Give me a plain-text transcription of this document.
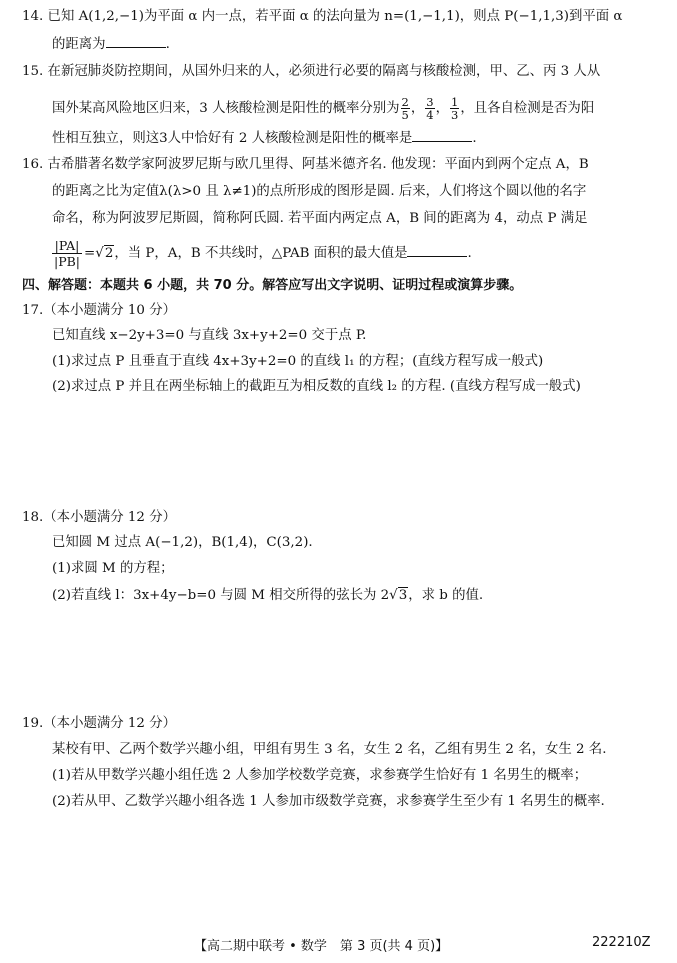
14. 已知 A(1,2,−1)为平面 α 内一点，若平面 α 的法向量为 n=(1,−1,1)，则点 P(−1,1,3)到平面 α
的距离为	.
15. 在新冠肺炎防控期间，从国外归来的人，必须进行必要的隔离与核酸检测，甲、乙、丙 3 人从
国外某高风险地区归来，3 人核酸检测是阳性的概率分别为 $\frac{2}{5}$ ， $\frac{3}{4}$ ， $\frac{1}{3}$ ，且各自检测是否为阳
性相互独立，则这3人中恰好有 2 人核酸检测是阳性的概率是	.
16. 古希腊著名数学家阿波罗尼斯与欧几里得、阿基米德齐名. 他发现：平面内到两个定点 A，B
的距离之比为定值λ(λ>0 且 λ≠1)的点所形成的图形是圆. 后来，人们将这个圆以他的名字
命名，称为阿波罗尼斯圆，简称阿氏圆. 若平面内两定点 A，B 间的距离为 4，动点 P 满足
$\frac{|PA|}{|PB|} =√2$，当 P，A，B 不共线时，△PAB 面积的最大值是	.
四、解答题：本题共 6 小题，共 70 分。解答应写出文字说明、证明过程或演算步骤。
17.（本小题满分 10 分）
已知直线 x−2y+3=0 与直线 3x+y+2=0 交于点 P.
(1)求过点 P 且垂直于直线 4x+3y+2=0 的直线 l₁ 的方程；(直线方程写成一般式)
(2)求过点 P 并且在两坐标轴上的截距互为相反数的直线 l₂ 的方程. (直线方程写成一般式)
18.（本小题满分 12 分）
已知圆 M 过点 A(−1,2)，B(1,4)，C(3,2).
(1)求圆 M 的方程；
(2)若直线 l：3x+4y−b=0 与圆 M 相交所得的弦长为 2√3，求 b 的值.
19.（本小题满分 12 分）
某校有甲、乙两个数学兴趣小组，甲组有男生 3 名，女生 2 名，乙组有男生 2 名，女生 2 名.
(1)若从甲数学兴趣小组任选 2 人参加学校数学竞赛，求参赛学生恰好有 1 名男生的概率；
(2)若从甲、乙数学兴趣小组各选 1 人参加市级数学竞赛，求参赛学生至少有 1 名男生的概率.
【高二期中联考 • 数学　第 3 页(共 4 页)】	222210Z
